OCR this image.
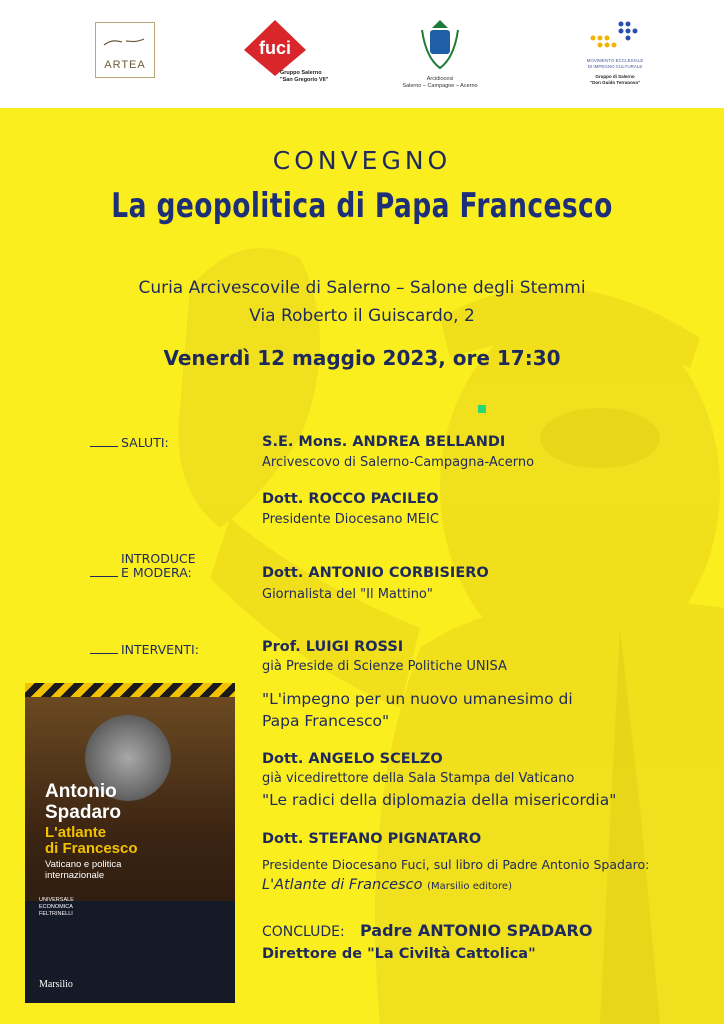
ARTEA
fuci
Gruppo Salerno
"San Gregorio VII"	Arcidiocesi
Salerno – Campagne – Acerno
MOVIMENTO ECCLESIALE
DI IMPEGNO CULTURALE
Gruppo di Salerno
"Don Guido Terranova"
CONVEGNO
La geopolitica di Papa Francesco
Curia Arcivescovile di Salerno – Salone degli Stemmi
Via Roberto il Guiscardo, 2
Venerdì 12 maggio 2023, ore 17:30
SALUTI:	S.E. Mons. ANDREA BELLANDI
Arcivescovo di Salerno-Campagna-Acerno
Dott. ROCCO PACILEO
Presidente Diocesano MEIC
INTRODUCE
E MODERA:	Dott. ANTONIO CORBISIERO
Giornalista del "Il Mattino"
INTERVENTI:	Prof. LUIGI ROSSI
già Preside di Scienze Politiche UNISA
"L'impegno per un nuovo umanesimo di
Papa Francesco"
Dott. ANGELO SCELZO
già vicedirettore della Sala Stampa del Vaticano
"Le radici della diplomazia della misericordia"
Dott. STEFANO PIGNATARO
Presidente Diocesano Fuci, sul libro di Padre Antonio Spadaro:
L'Atlante di Francesco (Marsilio editore)
CONCLUDE: Padre ANTONIO SPADARO
Direttore de "La Civiltà Cattolica"
Antonio
Spadaro
L'atlante
di Francesco
Vaticano e politica
internazionale
UNIVERSALE
ECONOMICA
FELTRINELLI
Marsilio
